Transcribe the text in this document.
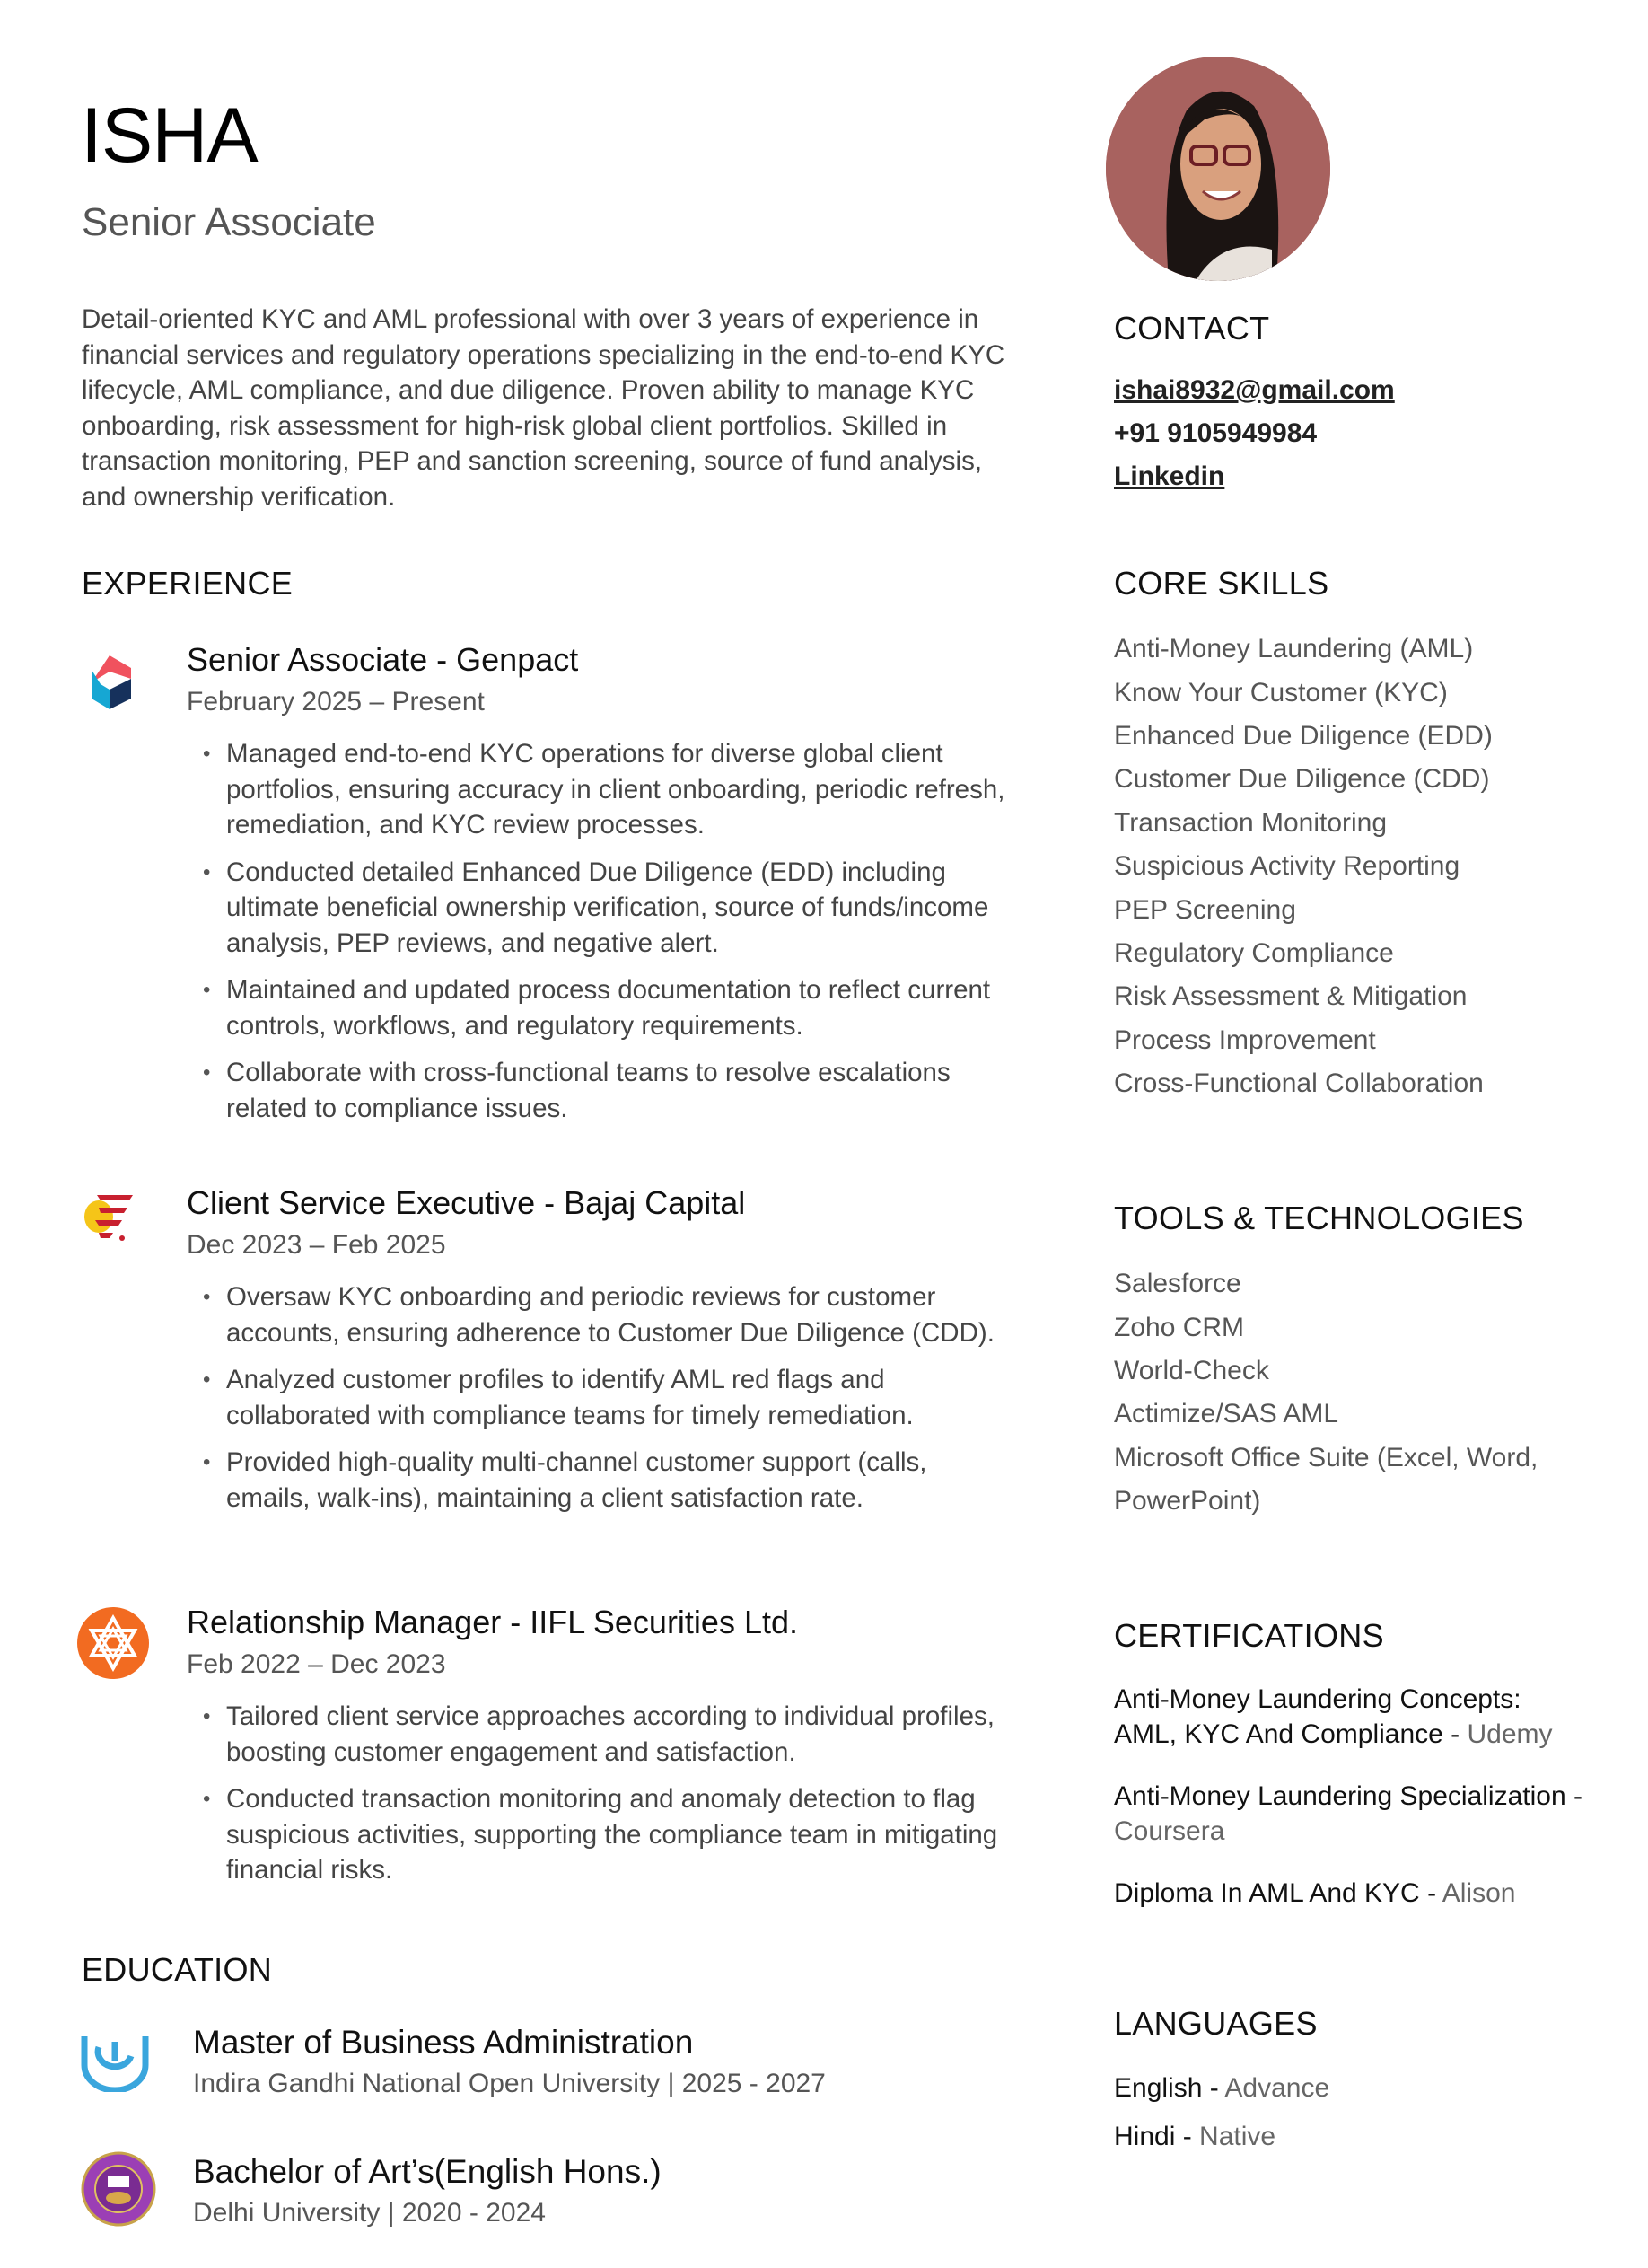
ISHA
Senior Associate
Detail-oriented KYC and AML professional with over 3 years of experience in financial services and regulatory operations specializing in the end-to-end KYC lifecycle, AML compliance, and due diligence. Proven ability to manage KYC onboarding, risk assessment for high-risk global client portfolios. Skilled in transaction monitoring, PEP and sanction screening, source of fund analysis, and ownership verification.
CONTACT
ishai8932@gmail.com
+91 9105949984
Linkedin
CORE SKILLS
Anti-Money Laundering (AML)
Know Your Customer (KYC)
Enhanced Due Diligence (EDD)
Customer Due Diligence (CDD)
Transaction Monitoring
Suspicious Activity Reporting
PEP Screening
Regulatory Compliance
Risk Assessment & Mitigation
Process Improvement
Cross-Functional Collaboration
TOOLS & TECHNOLOGIES
Salesforce
Zoho CRM
World-Check
Actimize/SAS AML
Microsoft Office Suite (Excel, Word, PowerPoint)
CERTIFICATIONS
Anti-Money Laundering Concepts: AML, KYC And Compliance - Udemy
Anti-Money Laundering Specialization - Coursera
Diploma In AML And KYC - Alison
LANGUAGES
English - Advance
Hindi - Native
EXPERIENCE
Senior Associate - Genpact
February 2025 – Present
• Managed end-to-end KYC operations for diverse global client portfolios, ensuring accuracy in client onboarding, periodic refresh, remediation, and KYC review processes.
• Conducted detailed Enhanced Due Diligence (EDD) including ultimate beneficial ownership verification, source of funds/income analysis, PEP reviews, and negative alert.
• Maintained and updated process documentation to reflect current controls, workflows, and regulatory requirements.
• Collaborate with cross-functional teams to resolve escalations related to compliance issues.
Client Service Executive - Bajaj Capital
Dec 2023 – Feb 2025
• Oversaw KYC onboarding and periodic reviews for customer accounts, ensuring adherence to Customer Due Diligence (CDD).
• Analyzed customer profiles to identify AML red flags and collaborated with compliance teams for timely remediation.
• Provided high-quality multi-channel customer support (calls, emails, walk-ins), maintaining a client satisfaction rate.
Relationship Manager - IIFL Securities Ltd.
Feb 2022 – Dec 2023
• Tailored client service approaches according to individual profiles, boosting customer engagement and satisfaction.
• Conducted transaction monitoring and anomaly detection to flag suspicious activities, supporting the compliance team in mitigating financial risks.
EDUCATION
Master of Business Administration
Indira Gandhi National Open University | 2025 - 2027
Bachelor of Art’s(English Hons.)
Delhi University | 2020 - 2024
